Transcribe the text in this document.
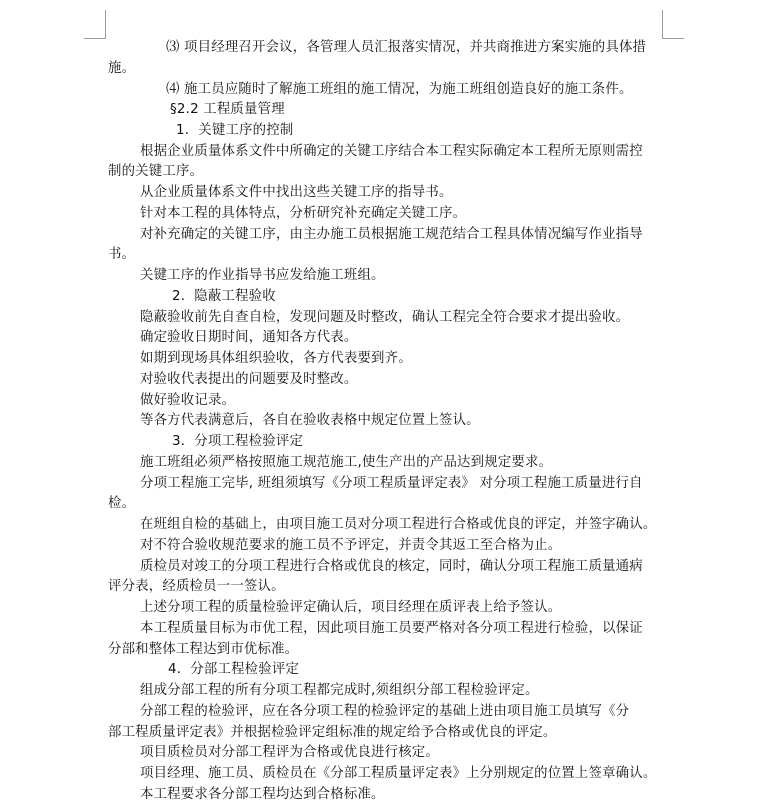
⑶ 项目经理召开会议，各管理人员汇报落实情况，并共商推进方案实施的具体措
施。
⑷ 施工员应随时了解施工班组的施工情况，为施工班组创造良好的施工条件。
§2.2 工程质量管理
1．关键工序的控制
根据企业质量体系文件中所确定的关键工序结合本工程实际确定本工程所无原则需控
制的关键工序。
从企业质量体系文件中找出这些关键工序的指导书。
针对本工程的具体特点，分析研究补充确定关键工序。
对补充确定的关键工序，由主办施工员根据施工规范结合工程具体情况编写作业指导
书。
关键工序的作业指导书应发给施工班组。
2．隐蔽工程验收
隐蔽验收前先自查自检，发现问题及时整改，确认工程完全符合要求才提出验收。
确定验收日期时间，通知各方代表。
如期到现场具体组织验收，各方代表要到齐。
对验收代表提出的问题要及时整改。
做好验收记录。
等各方代表满意后，各自在验收表格中规定位置上签认。
3．分项工程检验评定
施工班组必须严格按照施工规范施工,使生产出的产品达到规定要求。
分项工程施工完毕, 班组须填写《分项工程质量评定表》 对分项工程施工质量进行自
检。
在班组自检的基础上，由项目施工员对分项工程进行合格或优良的评定，并签字确认。
对不符合验收规范要求的施工员不予评定，并责令其返工至合格为止。
质检员对竣工的分项工程进行合格或优良的核定，同时，确认分项工程施工质量通病
评分表，经质检员一一签认。
上述分项工程的质量检验评定确认后，项目经理在质评表上给予签认。
本工程质量目标为市优工程，因此项目施工员要严格对各分项工程进行检验，以保证
分部和整体工程达到市优标准。
4．分部工程检验评定
组成分部工程的所有分项工程都完成时,须组织分部工程检验评定。
分部工程的检验评，应在各分项工程的检验评定的基础上进由项目施工员填写《分
部工程质量评定表》并根据检验评定组标准的规定给予合格或优良的评定。
项目质检员对分部工程评为合格或优良进行核定。
项目经理、施工员、质检员在《分部工程质量评定表》上分别规定的位置上签章确认。
本工程要求各分部工程均达到合格标准。
